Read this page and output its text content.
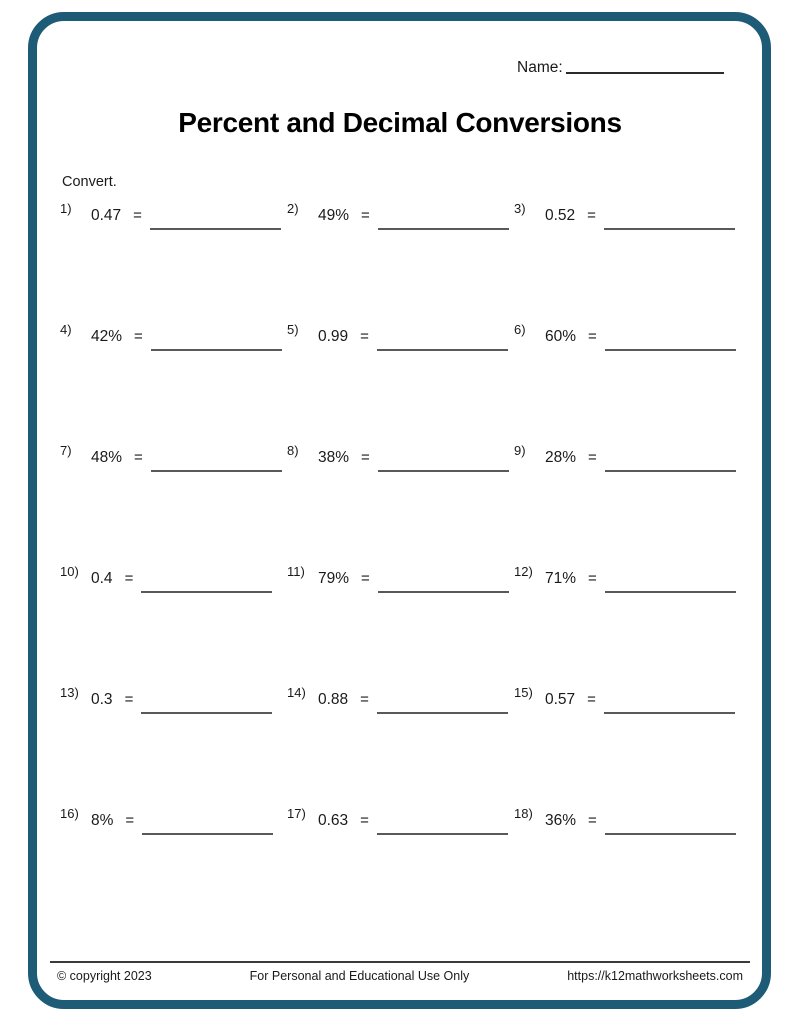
Name:
Percent and Decimal Conversions
Convert.
1) 0.47 =	2) 49% =	3) 0.52 =
4) 42% =	5) 0.99 =	6) 60% =
7) 48% =	8) 38% =	9) 28% =
10) 0.4 =	11) 79% =	12) 71% =
13) 0.3 =	14) 0.88 =	15) 0.57 =
16) 8% =	17) 0.63 =	18) 36% =
© copyright 2023	For Personal and Educational Use Only	https://k12mathworksheets.com
